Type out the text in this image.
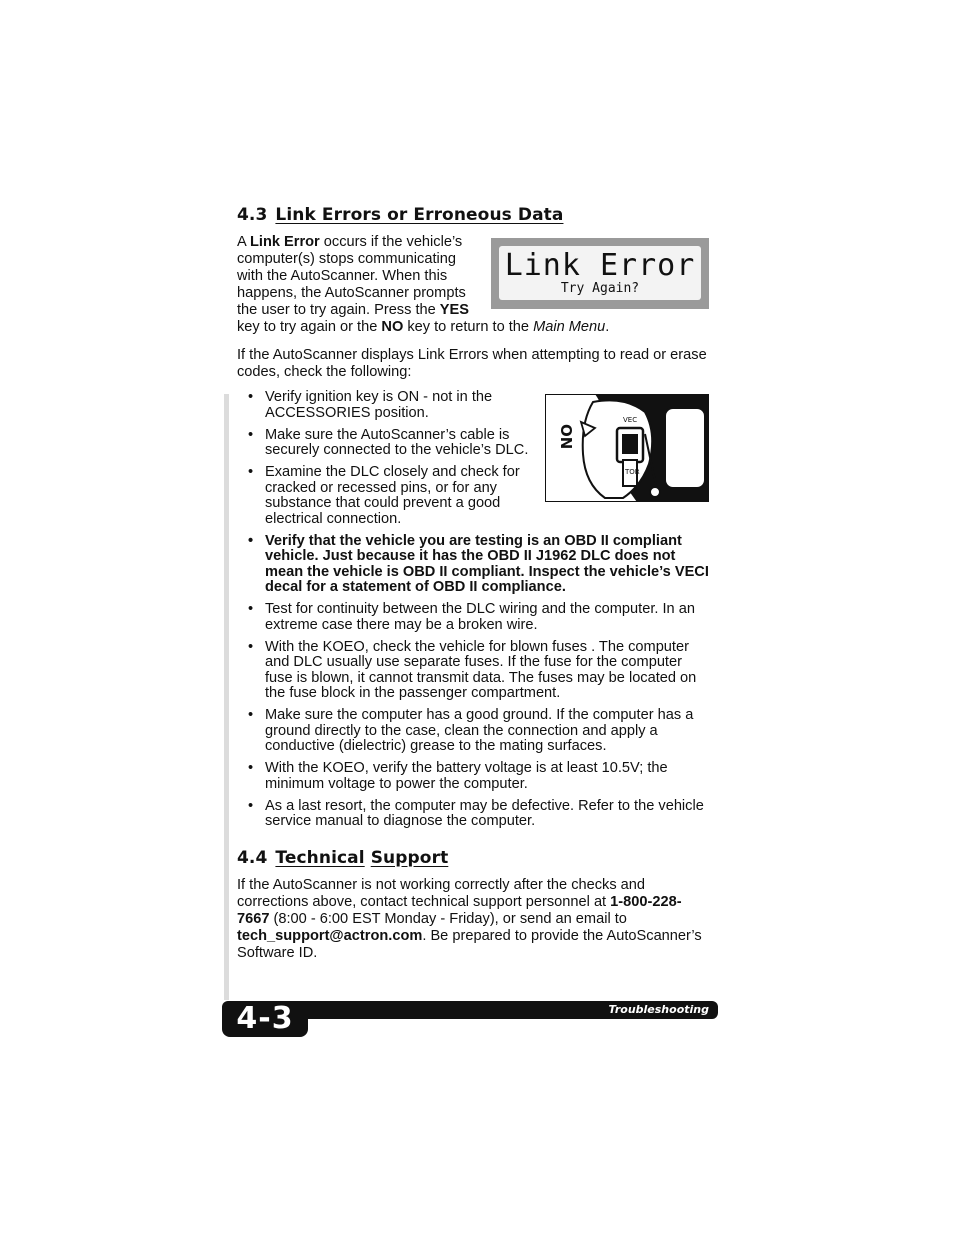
4.3 Link Errors or Erroneous Data

A Link Error occurs if the vehicle’s computer(s) stops communicating with the AutoScanner. When this happens, the AutoScanner prompts the user to try again. Press the YES key to try again or the NO key to return to the Main Menu.

Link Error
Try Again?

If the AutoScanner displays Link Errors when attempting to read or erase codes, check the following:

ON
VEC
TOR
• Verify ignition key is ON - not in the ACCESSORIES position.
• Make sure the AutoScanner’s cable is securely connected to the vehicle’s DLC.
• Examine the DLC closely and check for cracked or recessed pins, or for any substance that could prevent a good electrical connection.
• Verify that the vehicle you are testing is an OBD II compliant vehicle. Just because it has the OBD II J1962 DLC does not mean the vehicle is OBD II compliant. Inspect the vehicle’s VECI decal for a statement of OBD II compliance.
• Test for continuity between the DLC wiring and the computer. In an extreme case there may be a broken wire.
• With the KOEO, check the vehicle for blown fuses . The computer and DLC usually use separate fuses. If the fuse for the computer fuse is blown, it cannot transmit data. The fuses may be located on the fuse block in the passenger compartment.
• Make sure the computer has a good ground. If the computer has a ground directly to the case, clean the connection and apply a conductive (dielectric) grease to the mating surfaces.
• With the KOEO, verify the battery voltage is at least 10.5V; the minimum voltage to power the computer.
• As a last resort, the computer may be defective. Refer to the vehicle service manual to diagnose the computer.
4.4 Technical Support

If the AutoScanner is not working correctly after the checks and corrections above, contact technical support personnel at 1-800-228-7667 (8:00 - 6:00 EST Monday - Friday), or send an email to tech_support@actron.com. Be prepared to provide the AutoScanner’s Software ID.

4-3	Troubleshooting
